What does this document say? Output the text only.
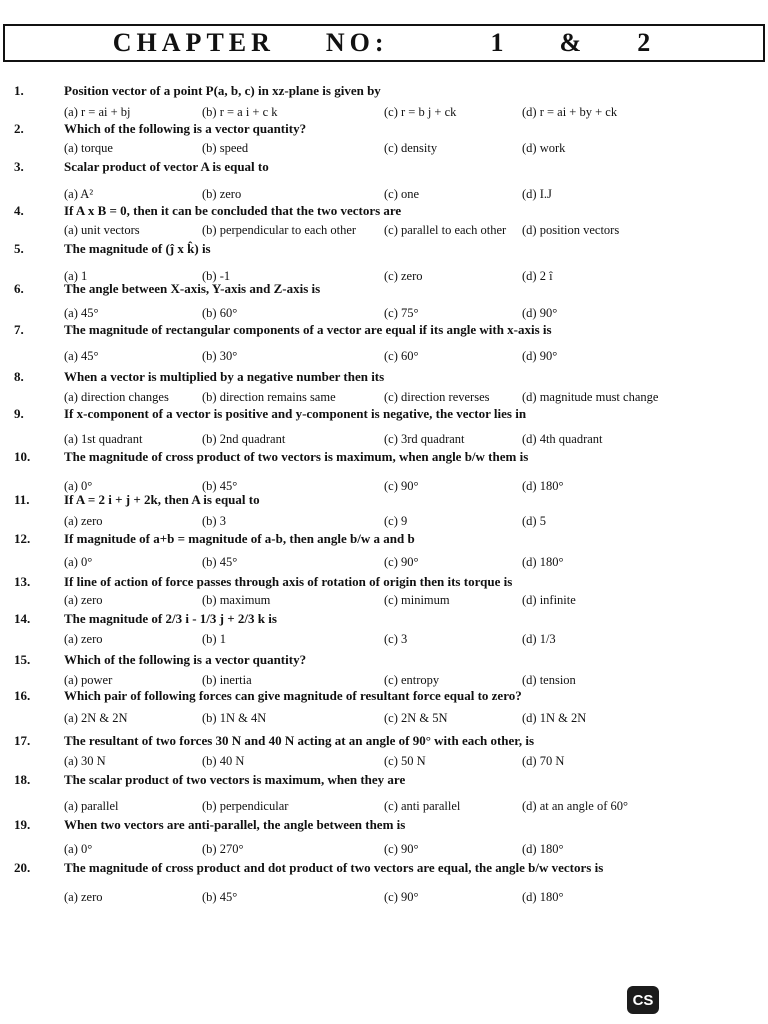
CHAPTER  NO:    1  &  2
1.	Position vector of a point P(a, b, c) in xz-plane is given by
(a) r = ai + bj	(b) r = a i + c k	(c) r = b j + ck	(d) r = ai + by + ck
2.	Which of the following is a vector quantity?
(a) torque	(b) speed	(c) density	(d) work
3.	Scalar product of vector A is equal to
(a) A²	(b) zero	(c) one	(d) I.J
4.	If A x B = 0, then it can be concluded that the two vectors are
(a) unit vectors	(b) perpendicular to each other (c) parallel to each other (d) position vectors
5.	The magnitude of (ĵ x k̂) is
(a) 1	(b) -1	(c) zero	(d) 2 î
6.	The angle between X-axis, Y-axis and Z-axis is
(a) 45°	(b) 60°	(c) 75°	(d) 90°
7.	The magnitude of rectangular components of a vector are equal if its angle with x-axis is
(a) 45°	(b) 30°	(c) 60°	(d) 90°
8.	When a vector is multiplied by a negative number then its
(a) direction changes	(b) direction remains same	(c) direction reverses	(d) magnitude must change
9.	If x-component of a vector is positive and y-component is negative, the vector lies in
(a) 1st quadrant	(b) 2nd quadrant	(c) 3rd quadrant	(d) 4th quadrant
10.	The magnitude of cross product of two vectors is maximum, when angle b/w them is
(a) 0°	(b) 45°	(c) 90°	(d) 180°
11.	If A = 2 i + j + 2k, then A is equal to
(a) zero	(b) 3	(c) 9	(d) 5
12.	If magnitude of a+b = magnitude of a-b, then angle b/w a and b
(a) 0°	(b) 45°	(c) 90°	(d) 180°
13.	If line of action of force passes through axis of rotation of origin then its torque is
(a) zero	(b) maximum	(c) minimum	(d) infinite
14.	The magnitude of 2/3 i - 1/3 j + 2/3 k is
(a) zero	(b) 1	(c) 3	(d) 1/3
15.	Which of the following is a vector quantity?
(a) power	(b) inertia	(c) entropy	(d) tension
16.	Which pair of following forces can give magnitude of resultant force equal to zero?
(a) 2N & 2N	(b) 1N & 4N	(c) 2N & 5N	(d) 1N & 2N
17.	The resultant of two forces 30 N and 40 N acting at an angle of 90° with each other, is
(a) 30 N	(b) 40 N	(c) 50 N	(d) 70 N
18.	The scalar product of two vectors is maximum, when they are
(a) parallel	(b) perpendicular	(c) anti parallel	(d) at an angle of 60°
19.	When two vectors are anti-parallel, the angle between them is
(a) 0°	(b) 270°	(c) 90°	(d) 180°
20.	The magnitude of cross product and dot product of two vectors are equal, the angle b/w vectors is
(a) zero	(b) 45°	(c) 90°	(d) 180°
CS
